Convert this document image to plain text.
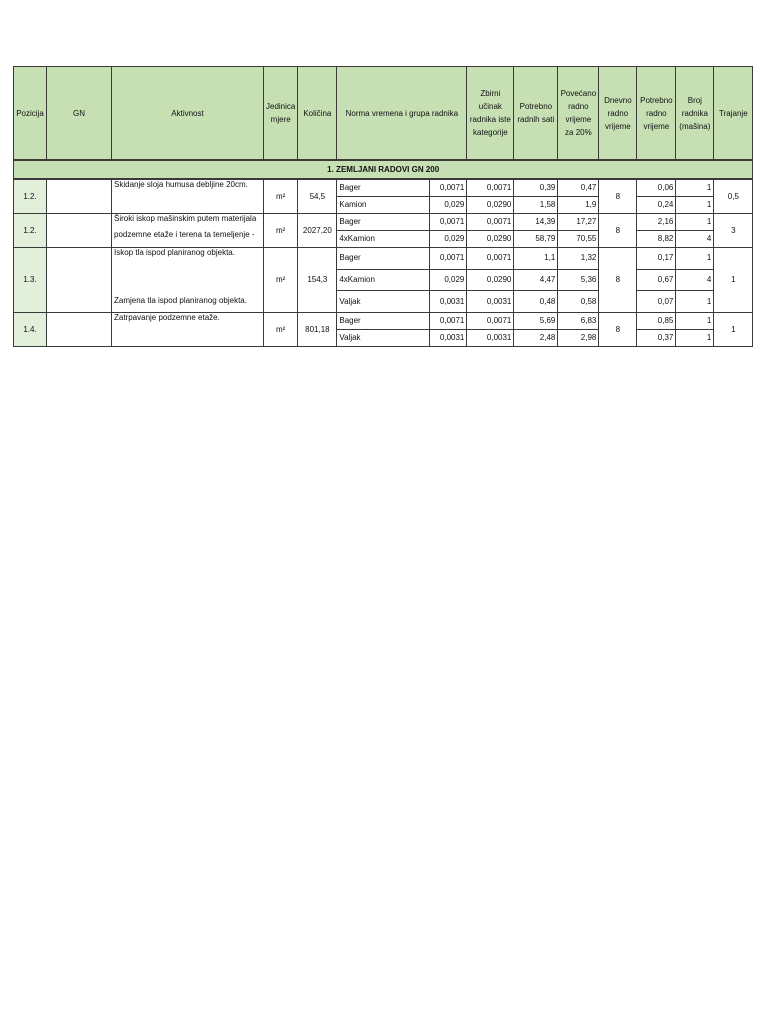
Pozicija	GN	Aktivnost	Jedinica mjere	Količina	Norma vremena i grupa radnika		Zbirni učinak radnika iste kategorije	Potrebno radnih sati	Povećano radno vrijeme za 20%	Dnevno radno vrijeme	Potrebno radno vrijeme	Broj radnika (mašina)	Trajanje
1. ZEMLJANI RADOVI GN 200													
1.2.		Skidanje sloja humusa debljine 20cm.	m²	54,5	Bager	0,0071	0,0071	0,39	0,47	8	0,06	1	0,5
					Kamion	0,029	0,0290	1,58	1,9		0,24	1	
1.2.		Široki iskop mašinskim putem materijala
podzemne etaže i terena ta temeljenje -	m²	2027,20	Bager	0,0071	0,0071	14,39	17,27	8	2,16	1	3
					4xKamion	0,029	0,0290	58,79	70,55		8,82	4	
1.3.		Iskop tla ispod planiranog objekta.

Zamjena tla ispod planiranog objekta.	m²	154,3	Bager	0,0071	0,0071	1,1	1,32	8	0,17	1	1
					4xKamion	0,029	0,0290	4,47	5,36		0,67	4	
					Valjak	0,0031	0,0031	0,48	0,58		0,07	1	
1.4.		Zatrpavanje podzemne etaže.	m²	801,18	Bager	0,0071	0,0071	5,69	6,83	8	0,85	1	1
					Valjak	0,0031	0,0031	2,48	2,98		0,37	1	
